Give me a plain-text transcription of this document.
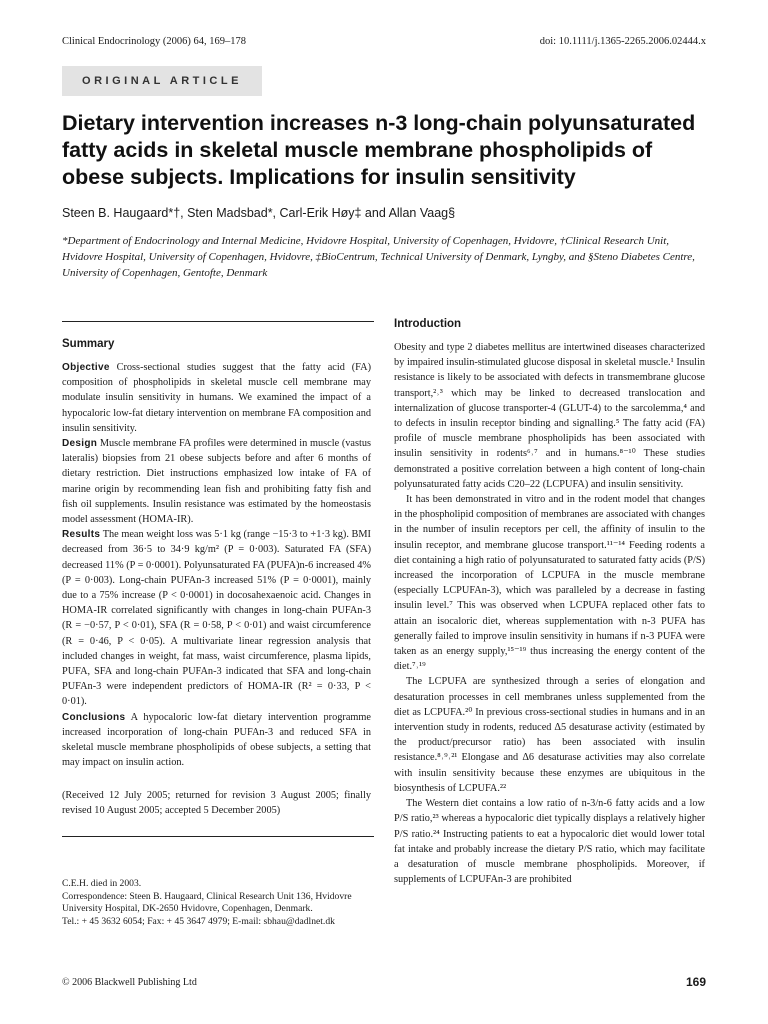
Clinical Endocrinology (2006) 64, 169–178	doi: 10.1111/j.1365-2265.2006.02444.x
ORIGINAL ARTICLE
Dietary intervention increases n-3 long-chain polyunsaturated fatty acids in skeletal muscle membrane phospholipids of obese subjects. Implications for insulin sensitivity
Steen B. Haugaard*†, Sten Madsbad*, Carl-Erik Høy‡ and Allan Vaag§
*Department of Endocrinology and Internal Medicine, Hvidovre Hospital, University of Copenhagen, Hvidovre, †Clinical Research Unit, Hvidovre Hospital, University of Copenhagen, Hvidovre, ‡BioCentrum, Technical University of Denmark, Lyngby, and §Steno Diabetes Centre, University of Copenhagen, Gentofte, Denmark
Summary

Objective Cross-sectional studies suggest that the fatty acid (FA) composition of phospholipids in skeletal muscle cell membrane may modulate insulin sensitivity in humans. We examined the impact of a hypocaloric low-fat dietary intervention on membrane FA composition and insulin sensitivity.

Design Muscle membrane FA profiles were determined in muscle (vastus lateralis) biopsies from 21 obese subjects before and after 6 months of dietary restriction. Diet instructions emphasized low intake of FA of marine origin by recommending lean fish and prohibiting fatty fish and fish oil supplements. Insulin resistance was estimated by the homeostasis model assessment (HOMA-IR).

Results The mean weight loss was 5·1 kg (range −15·3 to +1·3 kg). BMI decreased from 36·5 to 34·9 kg/m² (P = 0·003). Saturated FA (SFA) decreased 11% (P = 0·0001). Polyunsaturated FA (PUFA)n-6 increased 4% (P = 0·003). Long-chain PUFAn-3 increased 51% (P = 0·0001), mainly due to a 75% increase (P < 0·0001) in docosahexaenoic acid. Changes in HOMA-IR correlated significantly with changes in long-chain PUFAn-3 (R = −0·57, P < 0·01), SFA (R = 0·58, P < 0·01) and waist circumference (R = 0·46, P < 0·05). A multivariate linear regression analysis that included changes in weight, fat mass, waist circumference, plasma lipids, PUFA, SFA and long-chain PUFAn-3 indicated that SFA and long-chain PUFAn-3 were independent predictors of HOMA-IR (R² = 0·33, P < 0·01).

Conclusions A hypocaloric low-fat dietary intervention programme increased incorporation of long-chain PUFAn-3 and reduced SFA in skeletal muscle membrane phospholipids of obese subjects, a setting that may impact on insulin action.

(Received 12 July 2005; returned for revision 3 August 2005; finally revised 10 August 2005; accepted 5 December 2005)

C.E.H. died in 2003.

Correspondence: Steen B. Haugaard, Clinical Research Unit 136, Hvidovre University Hospital, DK-2650 Hvidovre, Copenhagen, Denmark.

Tel.: + 45 3632 6054; Fax: + 45 3647 4979; E-mail: sbhau@dadlnet.dk

Introduction

Obesity and type 2 diabetes mellitus are intertwined diseases characterized by impaired insulin-stimulated glucose disposal in skeletal muscle.¹ Insulin resistance is likely to be associated with defects in transmembrane glucose transport,²˒³ which may be linked to decreased translocation and internalization of glucose transporter-4 (GLUT-4) to the sarcolemma,⁴ and to defects in insulin receptor binding and signalling.⁵ The fatty acid (FA) profile of muscle membrane phospholipids has been associated with insulin sensitivity in rodents⁶˒⁷ and in humans.⁸⁻¹⁰ These studies demonstrated a positive correlation between a high content of long-chain polyunsaturated fatty acids C20–22 (LCPUFA) and insulin sensitivity.

It has been demonstrated in vitro and in the rodent model that changes in the phospholipid composition of membranes are associated with changes in the number of insulin receptors per cell, the affinity of insulin to the insulin receptor, and membrane glucose transport.¹¹⁻¹⁴ Feeding rodents a diet containing a high ratio of polyunsaturated to saturated fatty acids (P/S) increased the incorporation of LCPUFA in the muscle membrane (especially LCPUFAn-3), which was paralleled by a decrease in fasting insulin level.⁷ This was observed when LCPUFA replaced other fats to attain an isocaloric diet, whereas supplementation with n-3 PUFA has generally failed to improve insulin sensitivity in humans if n-3 PUFA were taken as an energy supply,¹⁵⁻¹⁹ thus increasing the energy content of the diet.⁷˒¹⁹

The LCPUFA are synthesized through a series of elongation and desaturation processes in cell membranes unless supplemented from the diet as LCPUFA.²⁰ In previous cross-sectional studies in humans and in an intervention study in rodents, reduced Δ5 desaturase activity (estimated by the product/precursor ratio) has been associated with insulin resistance.⁸˒⁹˒²¹ Elongase and Δ6 desaturase activities may also correlate with insulin sensitivity because these enzymes are ubiquitous in the biosynthesis of LCPUFA.²²

The Western diet contains a low ratio of n-3/n-6 fatty acids and a low P/S ratio,²³ whereas a hypocaloric diet typically displays a relatively higher P/S ratio.²⁴ Instructing patients to eat a hypocaloric diet would lower total fat intake and probably increase the dietary P/S ratio, which may facilitate a desaturation of muscle membrane phospholipids. Moreover, if supplements of LCPUFAn-3 are prohibited

© 2006 Blackwell Publishing Ltd	169
